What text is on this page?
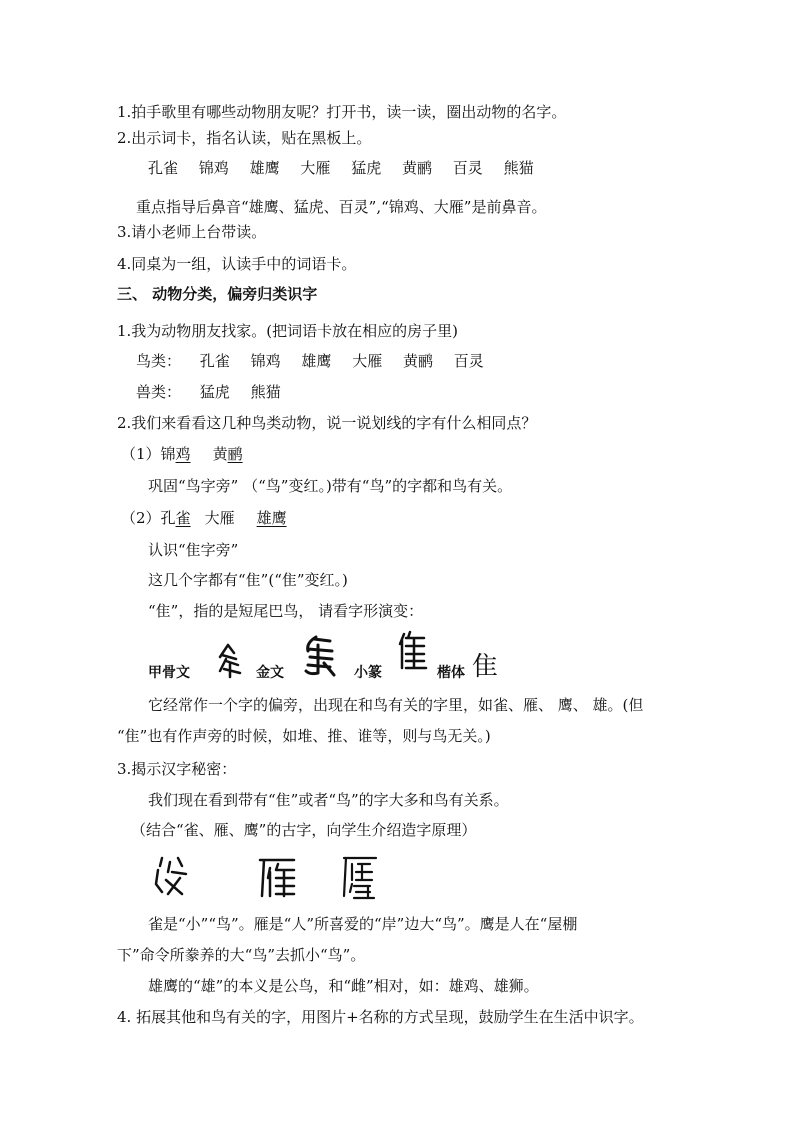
1.拍手歌里有哪些动物朋友呢？打开书，读一读，圈出动物的名字。
2.出示词卡，指名认读，贴在黑板上。
孔雀 锦鸡 雄鹰 大雁 猛虎 黄鹂 百灵 熊猫
重点指导后鼻音“雄鹰、猛虎、百灵”,“锦鸡、大雁”是前鼻音。
3.请小老师上台带读。
4.同桌为一组，认读手中的词语卡。
三、 动物分类，偏旁归类识字
1.我为动物朋友找家。(把词语卡放在相应的房子里)
鸟类： 孔雀 锦鸡 雄鹰 大雁 黄鹂 百灵
兽类： 猛虎 熊猫
2.我们来看看这几种鸟类动物，说一说划线的字有什么相同点？
（1）锦鸡 黄鹂
巩固“鸟字旁” （“鸟”变红。)带有“鸟”的字都和鸟有关。
（2）孔雀 大雁 雄鹰
认识“隹字旁”
这几个字都有“隹”(“隹”变红。)
“隹”，指的是短尾巴鸟， 请看字形演变：
甲骨文	金文	小篆	楷体 隹
它经常作一个字的偏旁，出现在和鸟有关的字里，如雀、雁、 鹰、 雄。(但
“隹”也有作声旁的时候，如堆、推、谁等，则与鸟无关。)
3.揭示汉字秘密：
我们现在看到带有“隹”或者“鸟”的字大多和鸟有关系。
（结合“雀、雁、鹰”的古字，向学生介绍造字原理）
雀是“小”“鸟”。雁是“人”所喜爱的“岸”边大“鸟”。鹰是人在“屋棚
下”命令所豢养的大“鸟”去抓小“鸟”。
雄鹰的“雄”的本义是公鸟，和“雌”相对，如：雄鸡、雄狮。
4. 拓展其他和鸟有关的字，用图片+名称的方式呈现，鼓励学生在生活中识字。
